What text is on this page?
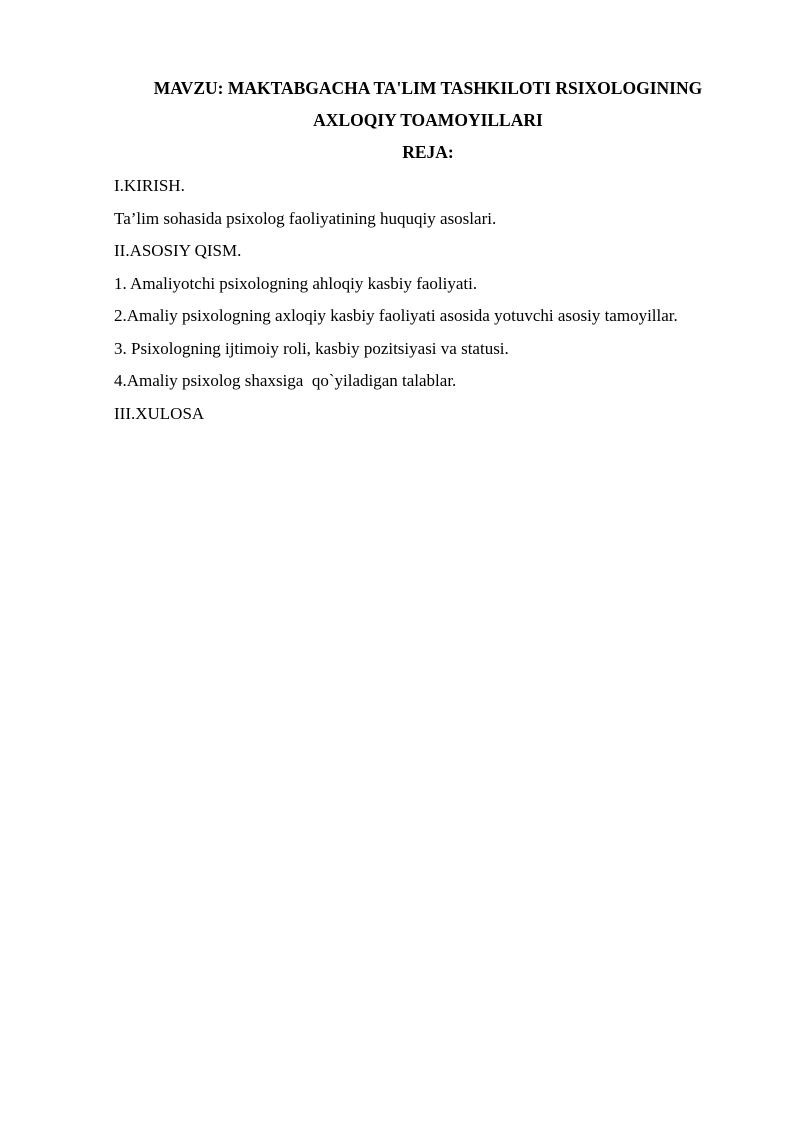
MAVZU: MAKTABGACHA TA'LIM TASHKILOTI RSIXOLOGINING

AXLOQIY TOAMOYILLARI

REJA:

I.KIRISH.
Ta’lim sohasida psixolog faoliyatining huquqiy asoslari.
II.ASOSIY QISM.
1. Amaliyotchi psixologning ahloqiy kasbiy faoliyati.
2.Amaliy psixologning axloqiy kasbiy faoliyati asosida yotuvchi asosiy tamoyillar.
3. Psixologning ijtimoiy roli, kasbiy pozitsiyasi va statusi.
4.Amaliy psixolog shaxsiga  qo`yiladigan talablar.
III.XULOSA
